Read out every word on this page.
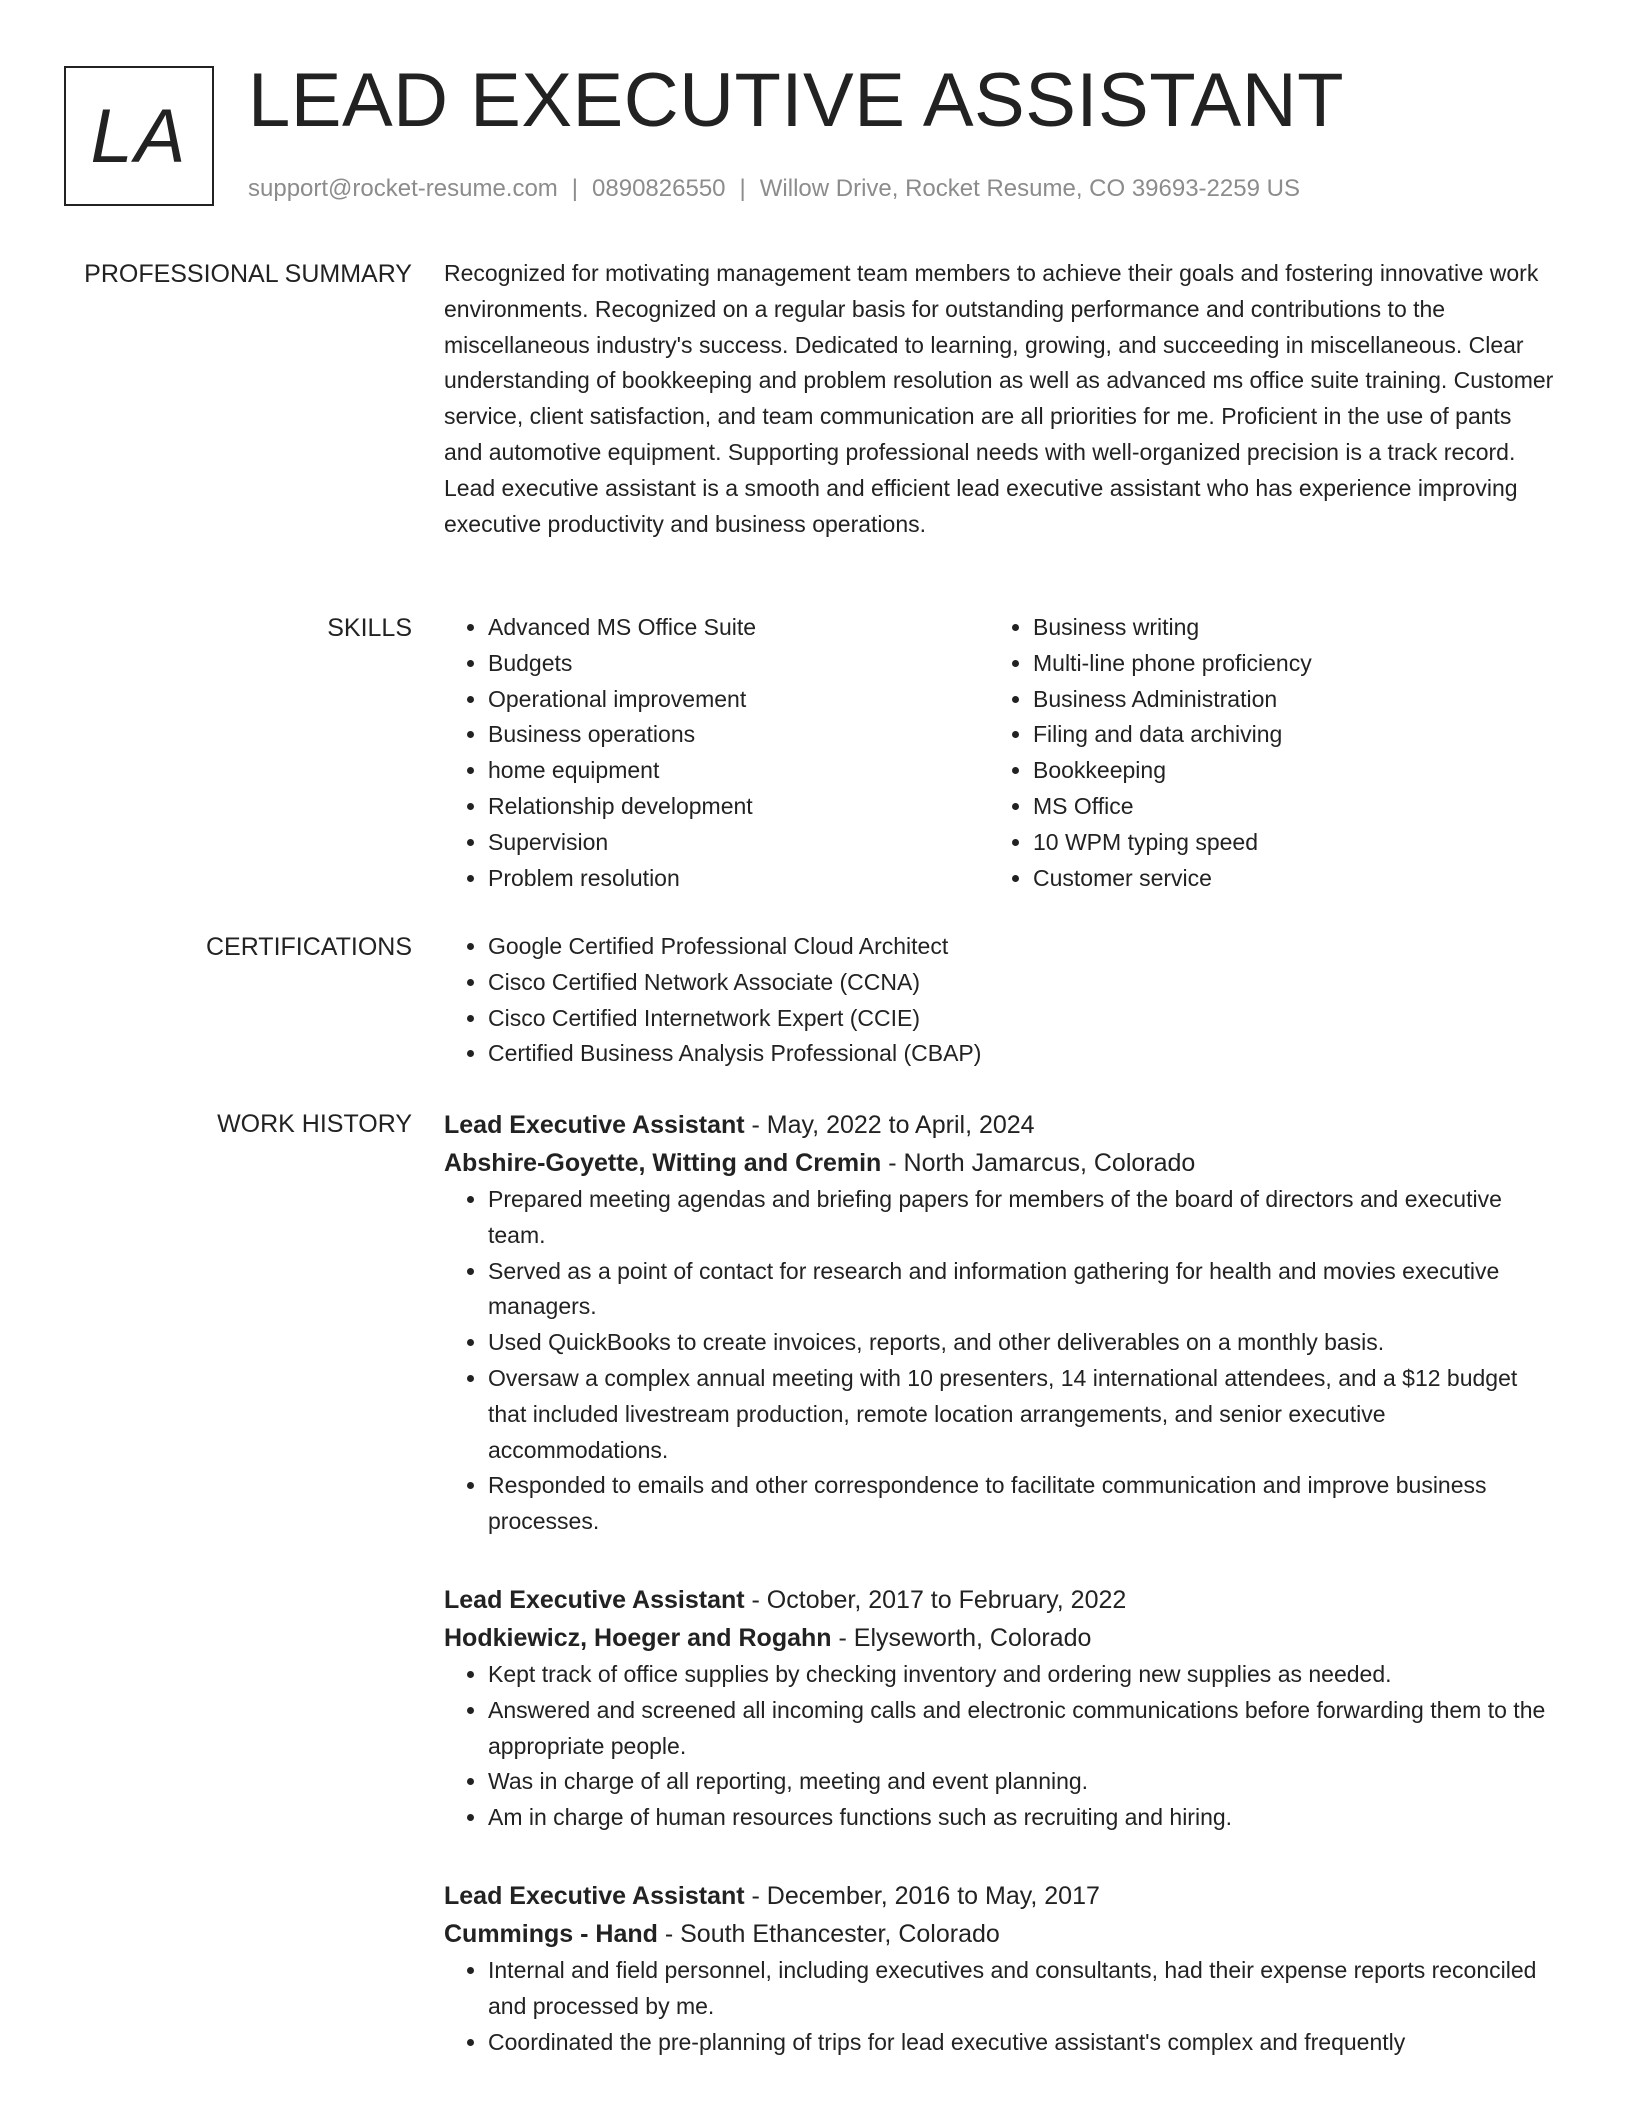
LA LEAD EXECUTIVE ASSISTANT
support@rocket-resume.com | 0890826550 | Willow Drive, Rocket Resume, CO 39693-2259 US
PROFESSIONAL SUMMARY Recognized for motivating management team members to achieve their goals and fostering innovative work environments. Recognized on a regular basis for outstanding performance and contributions to the miscellaneous industry's success. Dedicated to learning, growing, and succeeding in miscellaneous. Clear understanding of bookkeeping and problem resolution as well as advanced ms office suite training. Customer service, client satisfaction, and team communication are all priorities for me. Proficient in the use of pants and automotive equipment. Supporting professional needs with well-organized precision is a track record. Lead executive assistant is a smooth and efficient lead executive assistant who has experience improving executive productivity and business operations.
SKILLS	• Advanced MS Office Suite
• Budgets
• Operational improvement
• Business operations
• home equipment
• Relationship development
• Supervision
• Problem resolution
• Business writing
• Multi-line phone proficiency
• Business Administration
• Filing and data archiving
• Bookkeeping
• MS Office
• 10 WPM typing speed
• Customer service
CERTIFICATIONS	• Google Certified Professional Cloud Architect
• Cisco Certified Network Associate (CCNA)
• Cisco Certified Internetwork Expert (CCIE)
• Certified Business Analysis Professional (CBAP)
WORK HISTORY Lead Executive Assistant - May, 2022 to April, 2024
Abshire-Goyette, Witting and Cremin - North Jamarcus, Colorado
• Prepared meeting agendas and briefing papers for members of the board of directors and executive team.
• Served as a point of contact for research and information gathering for health and movies executive managers.
• Used QuickBooks to create invoices, reports, and other deliverables on a monthly basis.
• Oversaw a complex annual meeting with 10 presenters, 14 international attendees, and a $12 budget that included livestream production, remote location arrangements, and senior executive accommodations.
• Responded to emails and other correspondence to facilitate communication and improve business processes.
Lead Executive Assistant - October, 2017 to February, 2022
Hodkiewicz, Hoeger and Rogahn - Elyseworth, Colorado
• Kept track of office supplies by checking inventory and ordering new supplies as needed.
• Answered and screened all incoming calls and electronic communications before forwarding them to the appropriate people.
• Was in charge of all reporting, meeting and event planning.
• Am in charge of human resources functions such as recruiting and hiring.
Lead Executive Assistant - December, 2016 to May, 2017
Cummings - Hand - South Ethancester, Colorado
• Internal and field personnel, including executives and consultants, had their expense reports reconciled and processed by me.
• Coordinated the pre-planning of trips for lead executive assistant's complex and frequently
